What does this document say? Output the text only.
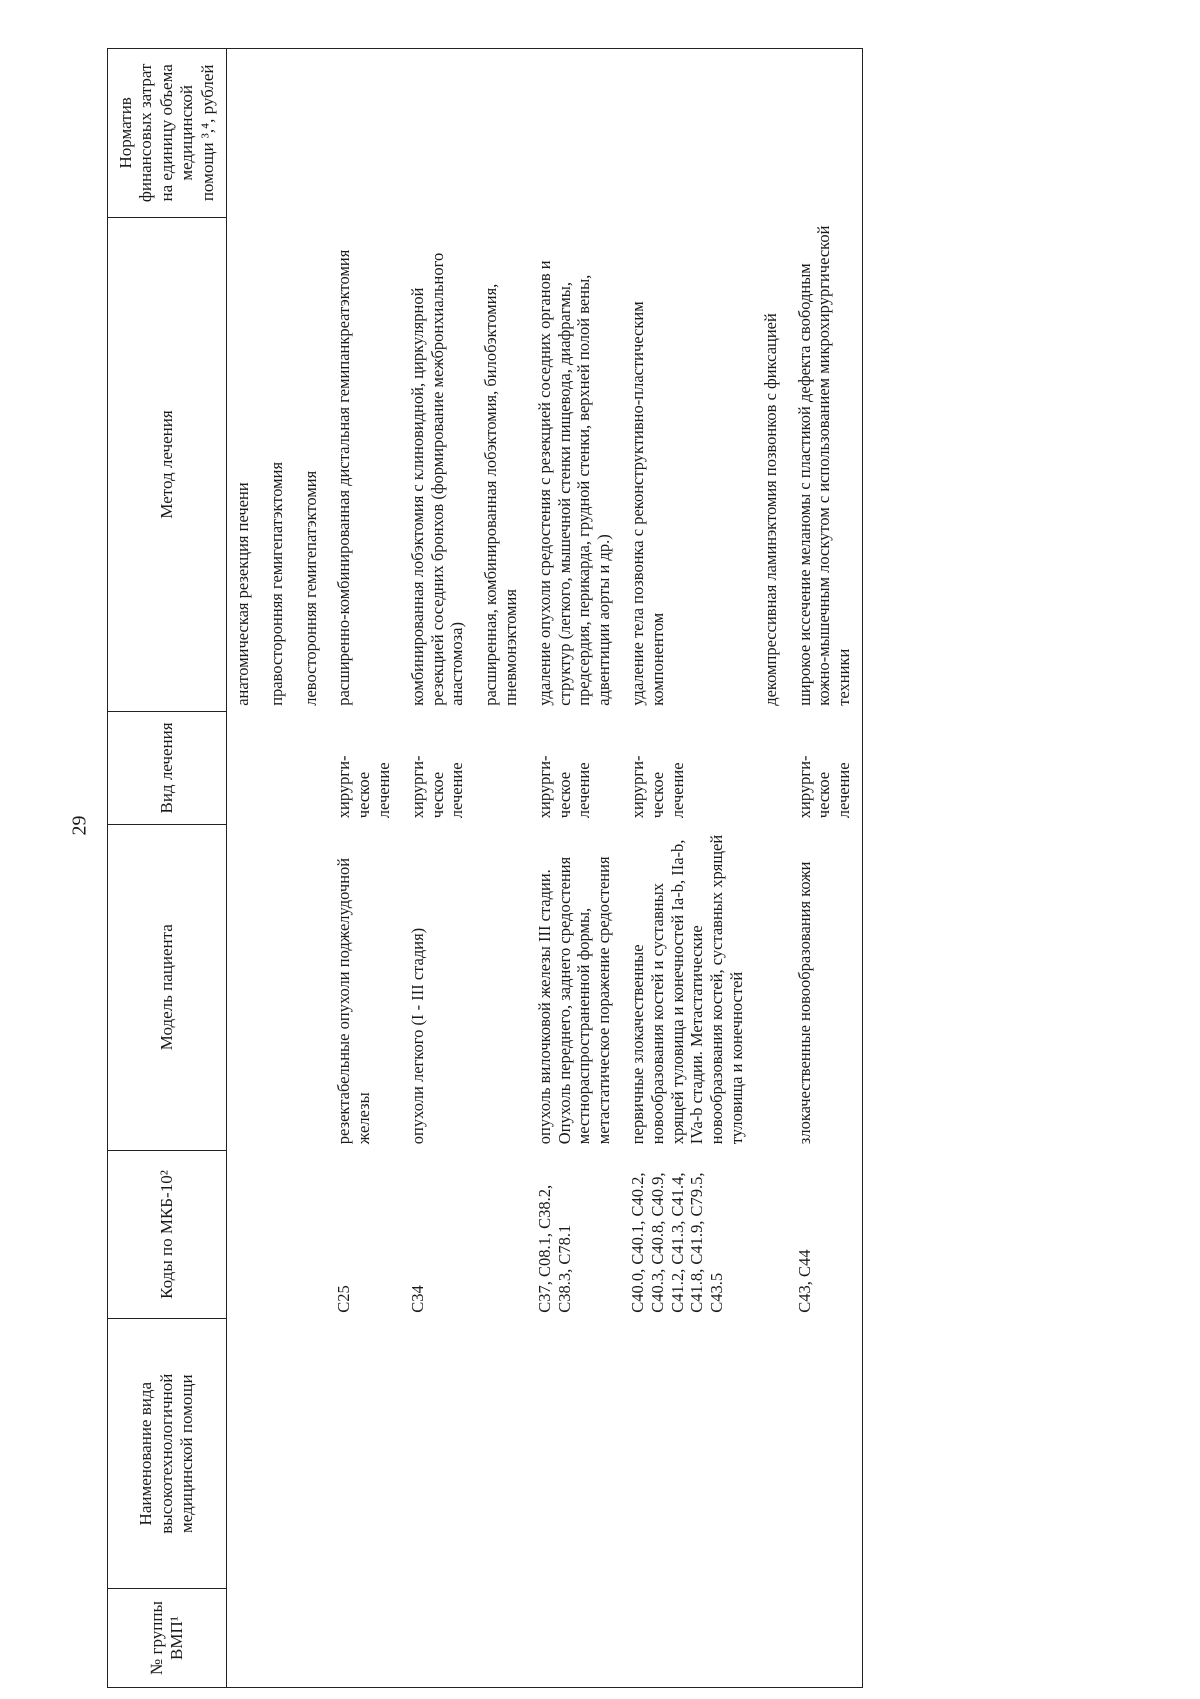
29
№ группы ВМП¹	Наименование вида высокотехнологичной медицинской помощи	Коды по МКБ-10²	Модель пациента	Вид лечения	Метод лечения	Норматив финансовых затрат на единицу объема медицинской помощи ³,⁴, рублей
					анатомическая резекция печени	
					правосторонняя гемигепатэктомия	
					левосторонняя гемигепатэктомия	
		C25	резектабельные опухоли поджелудочной железы	хирурги-ческое лечение	расширенно-комбинированная дистальная гемипанкреатэктомия	
		C34	опухоли легкого (I - III стадия)	хирурги-ческое лечение	комбинированная лобэктомия с клиновидной, циркулярной резекцией соседних бронхов (формирование межбронхиального анастомоза)	
					расширенная, комбинированная лобэктомия, билобэктомия, пневмонэктомия	
		C37, C08.1, C38.2, C38.3, C78.1	опухоль вилочковой железы III стадии. Опухоль переднего, заднего средостения местнораспространенной формы, метастатическое поражение средостения	хирурги-ческое лечение	удаление опухоли средостения с резекцией соседних органов и структур (легкого, мышечной стенки пищевода, диафрагмы, предсердия, перикарда, грудной стенки, верхней полой вены, адвентиции аорты и др.)	
		C40.0, C40.1, C40.2, C40.3, C40.8, C40.9, C41.2, C41.3, C41.4, C41.8, C41.9, C79.5, C43.5	первичные злокачественные новообразования костей и суставных хрящей туловища и конечностей Ia-b, IIa-b, IVa-b стадии. Метастатические новообразования костей, суставных хрящей туловища и конечностей	хирурги-ческое лечение	удаление тела позвонка с реконструктивно-пластическим компонентом	
					декомпрессивная ламинэктомия позвонков с фиксацией	
		C43, C44	злокачественные новообразования кожи	хирурги-ческое лечение	широкое иссечение меланомы с пластикой дефекта свободным кожно-мышечным лоскутом с использованием микрохирургической техники	
